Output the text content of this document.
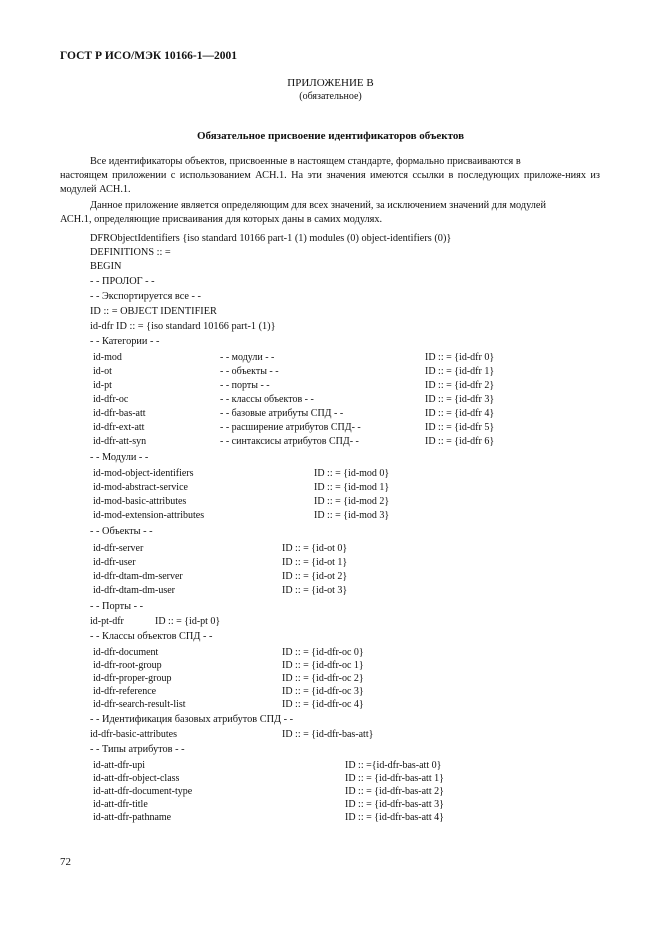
ГОСТ Р ИСО/МЭК 10166-1—2001
ПРИЛОЖЕНИЕ В
(обязательное)
Обязательное присвоение идентификаторов объектов
Все идентификаторы объектов, присвоенные в настоящем стандарте, формально присваиваются в
настоящем приложении с использованием АСН.1. На эти значения имеются ссылки в последующих приложе-ниях из модулей АСН.1.
Данное приложение является определяющим для всех значений, за исключением значений для модулей
АСН.1, определяющие присваивания для которых даны в самих модулях.
DFRObjectIdentifiers {iso standard 10166 part-1 (1) modules (0) object-identifiers (0)}
DEFINITIONS :: =
BEGIN
- - ПРОЛОГ - -
- - Экспортируется все - -
ID :: = OBJECT IDENTIFIER
id-dfr ID :: = {iso standard 10166 part-1 (1)}
- - Категории - -
id-mod	- - модули - -	ID :: = {id-dfr 0}
id-ot	- - объекты - -	ID :: = {id-dfr 1}
id-pt	- - порты - -	ID :: = {id-dfr 2}
id-dfr-oc	- - классы объектов - -	ID :: = {id-dfr 3}
id-dfr-bas-att	- - базовые атрибуты СПД - -	ID :: = {id-dfr 4}
id-dfr-ext-att	- - расширение атрибутов СПД- -	ID :: = {id-dfr 5}
id-dfr-att-syn	- - синтаксисы атрибутов СПД- -	ID :: = {id-dfr 6}
- - Модули - -
id-mod-object-identifiers	ID :: = {id-mod 0}
id-mod-abstract-service	ID :: = {id-mod 1}
id-mod-basic-attributes	ID :: = {id-mod 2}
id-mod-extension-attributes	ID :: = {id-mod 3}
- - Объекты - -
id-dfr-server	ID :: = {id-ot 0}
id-dfr-user	ID :: = {id-ot 1}
id-dfr-dtam-dm-server	ID :: = {id-ot 2}
id-dfr-dtam-dm-user	ID :: = {id-ot 3}
- - Порты - -
id-pt-dfr	ID :: = {id-pt 0}
- - Классы объектов СПД - -
id-dfr-document	ID :: = {id-dfr-oc 0}
id-dfr-root-group	ID :: = {id-dfr-oc 1}
id-dfr-proper-group	ID :: = {id-dfr-oc 2}
id-dfr-reference	ID :: = {id-dfr-oc 3}
id-dfr-search-result-list	ID :: = {id-dfr-oc 4}
- - Идентификация базовых атрибутов СПД - -
id-dfr-basic-attributes	ID :: = {id-dfr-bas-att}
- - Типы атрибутов - -
id-att-dfr-upi	ID :: ={id-dfr-bas-att 0}
id-att-dfr-object-class	ID :: = {id-dfr-bas-att 1}
id-att-dfr-document-type	ID :: = {id-dfr-bas-att 2}
id-att-dfr-title	ID :: = {id-dfr-bas-att 3}
id-att-dfr-pathname	ID :: = {id-dfr-bas-att 4}
72
